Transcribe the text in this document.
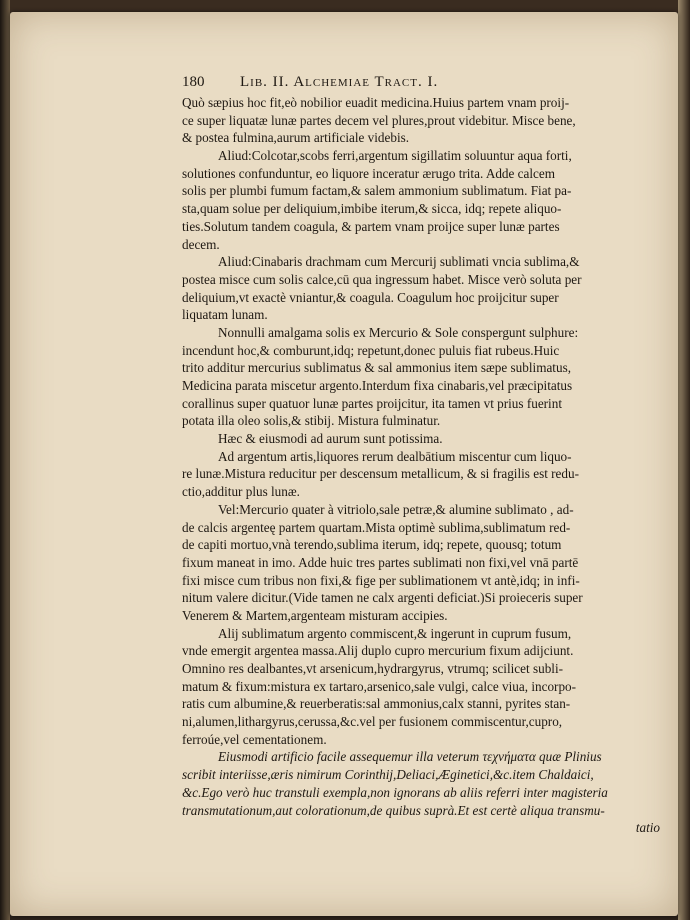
180	Lib. II. Alchemiae Tract. I.
Quò sæpius hoc fit,eò nobilior euadit medicina.Huius partem vnam proij-
ce super liquatæ lunæ partes decem vel plures,prout videbitur. Misce bene,
& postea fulmina,aurum artificiale videbis.
Aliud:Colcotar,scobs ferri,argentum sigillatim soluuntur aqua forti,
solutiones confunduntur, eo liquore inceratur ærugo trita. Adde calcem
solis per plumbi fumum factam,& salem ammonium sublimatum. Fiat pa-
sta,quam solue per deliquium,imbibe iterum,& sicca, idq; repete aliquo-
ties.Solutum tandem coagula, & partem vnam proijce super lunæ partes
decem.
Aliud:Cinabaris drachmam cum Mercurij sublimati vncia sublima,&
postea misce cum solis calce,cū qua ingressum habet. Misce verò soluta per
deliquium,vt exactè vniantur,& coagula. Coagulum hoc proijcitur super
liquatam lunam.
Nonnulli amalgama solis ex Mercurio & Sole conspergunt sulphure:
incendunt hoc,& comburunt,idq; repetunt,donec puluis fiat rubeus.Huic
trito additur mercurius sublimatus & sal ammonius item sæpe sublimatus,
Medicina parata miscetur argento.Interdum fixa cinabaris,vel præcipitatus
corallinus super quatuor lunæ partes proijcitur, ita tamen vt prius fuerint
potata illa oleo solis,& stibij. Mistura fulminatur.
Hæc & eiusmodi ad aurum sunt potissima.
Ad argentum artis,liquores rerum dealbātium miscentur cum liquo-
re lunæ.Mistura reducitur per descensum metallicum, & si fragilis est redu-
ctio,additur plus lunæ.
Vel:Mercurio quater à vitriolo,sale petræ,& alumine sublimato , ad-
de calcis argenteę partem quartam.Mista optimè sublima,sublimatum red-
de capiti mortuo,vnà terendo,sublima iterum, idq; repete, quousq; totum
fixum maneat in imo. Adde huic tres partes sublimati non fixi,vel vnā partē
fixi misce cum tribus non fixi,& fige per sublimationem vt antè,idq; in infi-
nitum valere dicitur.(Vide tamen ne calx argenti deficiat.)Si proieceris super
Venerem & Martem,argenteam misturam accipies.
Alij sublimatum argento commiscent,& ingerunt in cuprum fusum,
vnde emergit argentea massa.Alij duplo cupro mercurium fixum adijciunt.
Omnino res dealbantes,vt arsenicum,hydrargyrus, vtrumq; scilicet subli-
matum & fixum:mistura ex tartaro,arsenico,sale vulgi, calce viua, incorpo-
ratis cum albumine,& reuerberatis:sal ammonius,calx stanni, pyrites stan-
ni,alumen,lithargyrus,cerussa,&c.vel per fusionem commiscentur,cupro,
ferroúe,vel cementationem.
Eiusmodi artificio facile assequemur illa veterum τεχνήματα quæ Plinius
scribit interiisse,æris nimirum Corinthij,Deliaci,Æginetici,&c.item Chaldaici,
&c.Ego verò huc transtuli exempla,non ignorans ab aliis referri inter magisteria
transmutationum,aut colorationum,de quibus suprà.Et est certè aliqua transmu-
tatio
